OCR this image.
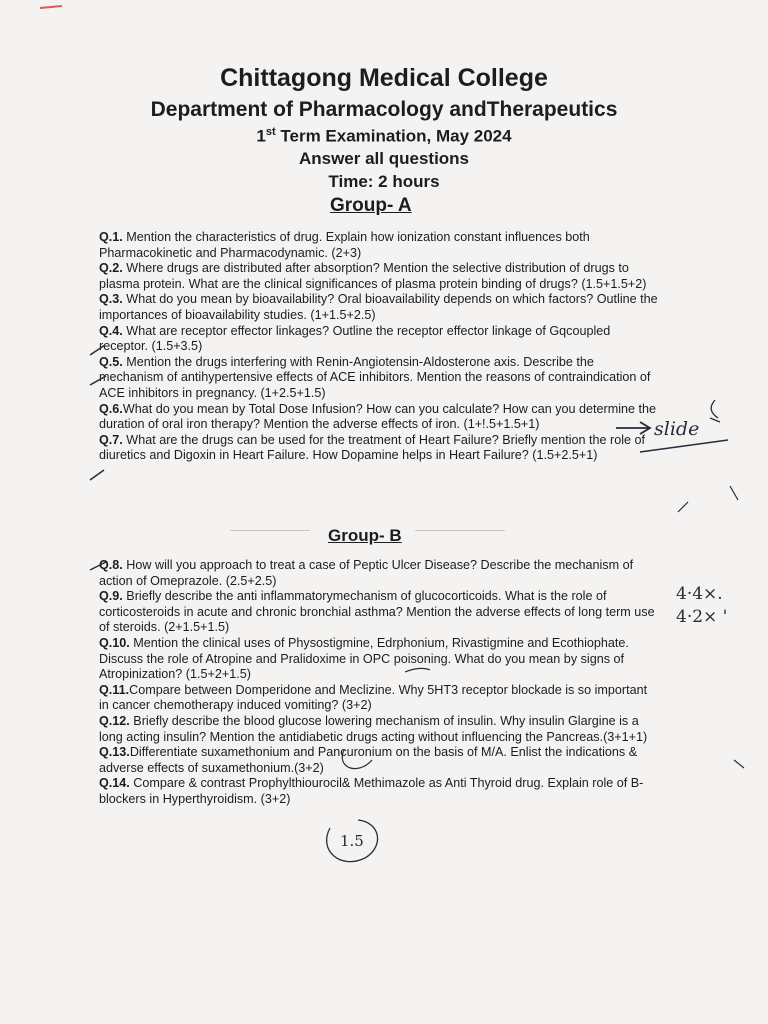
Chittagong Medical College
Department of Pharmacology andTherapeutics
1st Term Examination, May 2024
Answer all questions
Time: 2 hours
Group- A

Q.1. Mention the characteristics of drug. Explain how ionization constant influences both Pharmacokinetic and Pharmacodynamic. (2+3)

Q.2. Where drugs are distributed after absorption? Mention the selective distribution of drugs to plasma protein. What are the clinical significances of plasma protein binding of drugs? (1.5+1.5+2)

Q.3. What do you mean by bioavailability? Oral bioavailability depends on which factors? Outline the importances of bioavailability studies. (1+1.5+2.5)

Q.4. What are receptor effector linkages? Outline the receptor effector linkage of Gqcoupled receptor. (1.5+3.5)

Q.5. Mention the drugs interfering with Renin-Angiotensin-Aldosterone axis. Describe the mechanism of antihypertensive effects of ACE inhibitors. Mention the reasons of contraindication of ACE inhibitors in pregnancy. (1+2.5+1.5)

Q.6.What do you mean by Total Dose Infusion? How can you calculate? How can you determine the duration of oral iron therapy? Mention the adverse effects of iron. (1+!.5+1.5+1)

Q.7. What are the drugs can be used for the treatment of Heart Failure? Briefly mention the role of diuretics and Digoxin in Heart Failure. How Dopamine helps in Heart Failure? (1.5+2.5+1)

Group- B

Q.8. How will you approach to treat a case of Peptic Ulcer Disease? Describe the mechanism of action of Omeprazole. (2.5+2.5)

Q.9. Briefly describe the anti inflammatorymechanism of glucocorticoids. What is the role of corticosteroids in acute and chronic bronchial asthma? Mention the adverse effects of long term use of steroids. (2+1.5+1.5)

Q.10. Mention the clinical uses of Physostigmine, Edrphonium, Rivastigmine and Ecothiophate. Discuss the role of Atropine and Pralidoxime in OPC poisoning. What do you mean by signs of Atropinization? (1.5+2+1.5)

Q.11.Compare between Domperidone and Meclizine. Why 5HT3 receptor blockade is so important in cancer chemotherapy induced vomiting? (3+2)

Q.12. Briefly describe the blood glucose lowering mechanism of insulin. Why insulin Glargine is a long acting insulin? Mention the antidiabetic drugs acting without influencing the Pancreas.(3+1+1)

Q.13.Differentiate suxamethonium and Pancuronium on the basis of M/A. Enlist the indications & adverse effects of suxamethonium.(3+2)

Q.14. Compare & contrast Prophylthiourocil& Methimazole as Anti Thyroid drug. Explain role of B- blockers in Hyperthyroidism. (3+2)

slide
4·4×.
4·2× '
1.5
